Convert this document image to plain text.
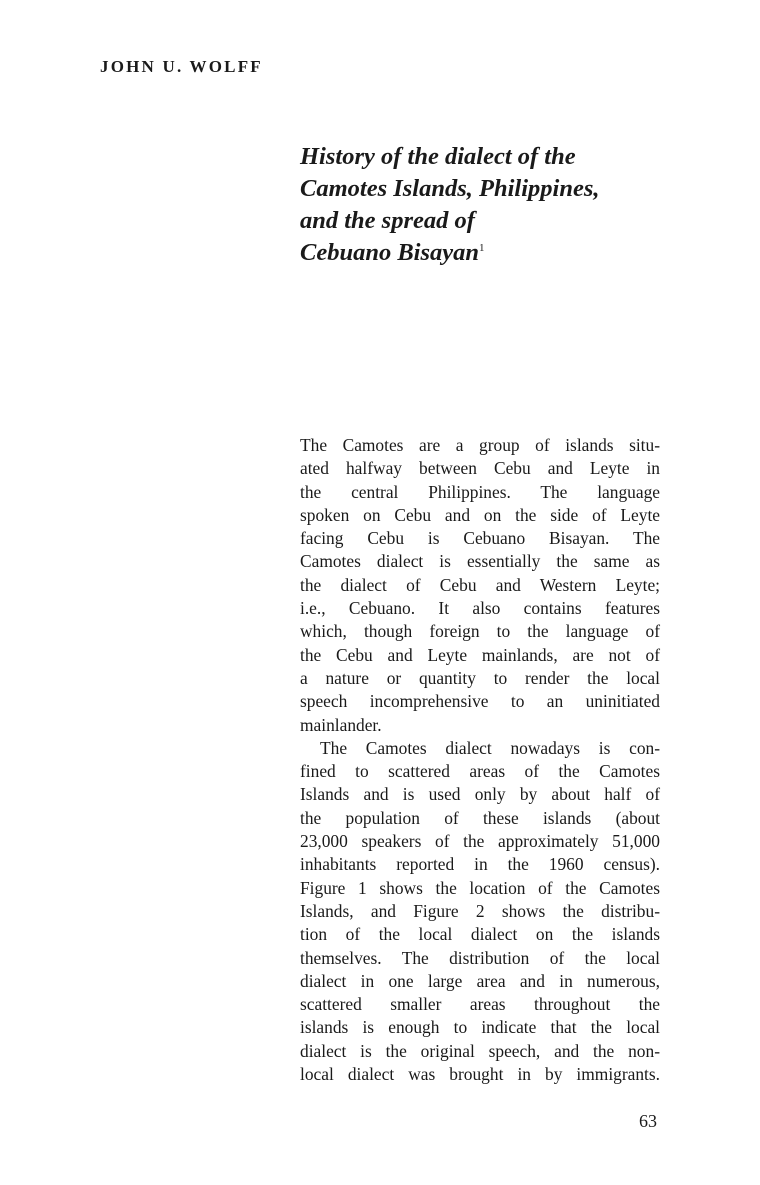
JOHN U. WOLFF
History of the dialect of the
Camotes Islands, Philippines,
and the spread of
Cebuano Bisayan$^1$
The Camotes are a group of islands situ-
ated halfway between Cebu and Leyte in
the central Philippines. The language
spoken on Cebu and on the side of Leyte
facing Cebu is Cebuano Bisayan. The
Camotes dialect is essentially the same as
the dialect of Cebu and Western Leyte;
i.e., Cebuano. It also contains features
which, though foreign to the language of
the Cebu and Leyte mainlands, are not of
a nature or quantity to render the local
speech incomprehensive to an uninitiated
mainlander.
The Camotes dialect nowadays is con-
fined to scattered areas of the Camotes
Islands and is used only by about half of
the population of these islands (about
23,000 speakers of the approximately 51,000
inhabitants reported in the 1960 census).
Figure 1 shows the location of the Camotes
Islands, and Figure 2 shows the distribu-
tion of the local dialect on the islands
themselves. The distribution of the local
dialect in one large area and in numerous,
scattered smaller areas throughout the
islands is enough to indicate that the local
dialect is the original speech, and the non-
local dialect was brought in by immigrants.
63
